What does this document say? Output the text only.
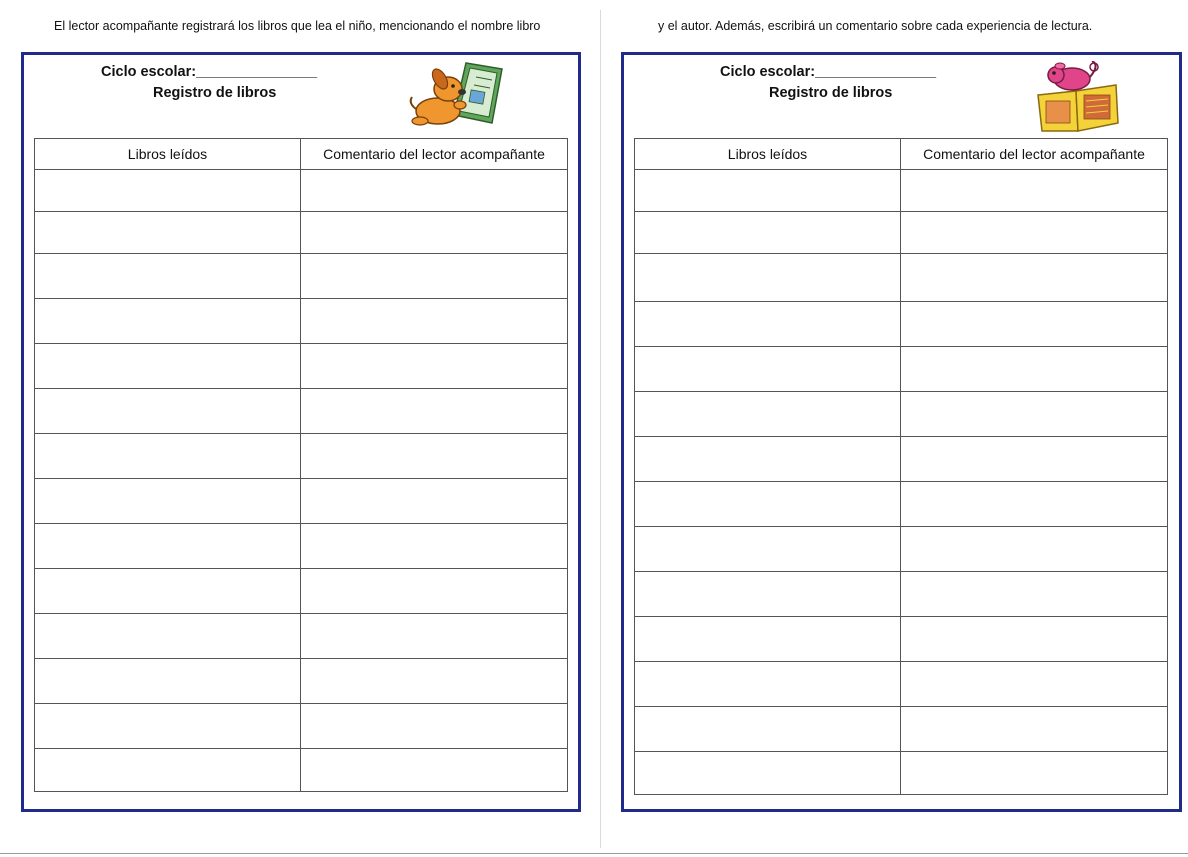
El lector acompañante registrará los libros que lea el niño, mencionando el nombre libro	y el autor. Además, escribirá un comentario sobre cada experiencia de lectura.
Ciclo escolar:_______________
Registro de libros
Libros leídos	Comentario del lector acompañante

Ciclo escolar:_______________
Registro de libros
Libros leídos	Comentario del lector acompañante
